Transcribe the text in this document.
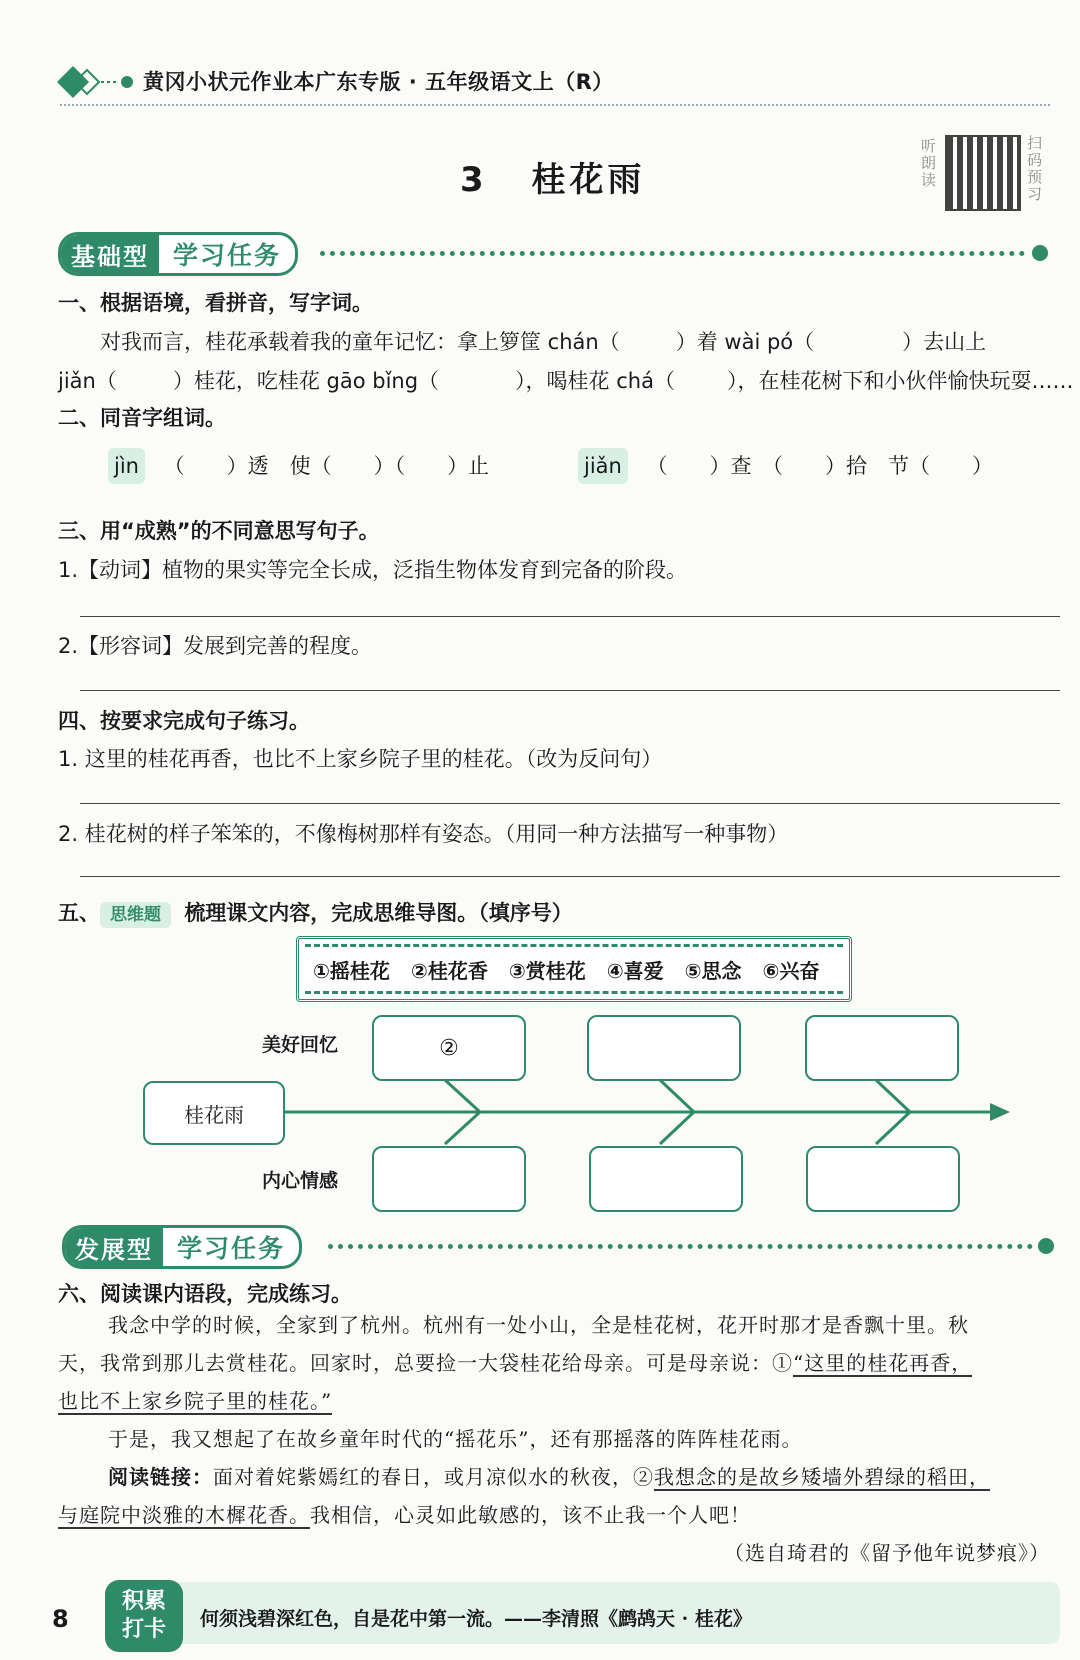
黄冈小状元作业本广东专版 · 五年级语文上（R）
3 桂花雨	听朗读	扫码预习
基础型 学习任务
一、根据语境，看拼音，写字词。
对我而言，桂花承载着我的童年记忆：拿上箩筐 chán（	）着 wài pó（	）去山上
jiǎn（	）桂花，吃桂花 gāo bǐng（	），喝桂花 chá（ ），在桂花树下和小伙伴愉快玩耍……
二、同音字组词。
jìn （　　）透　使（　　）（　　）止	jiǎn （　　）查　（　　）拾　节（　　）
三、用“成熟”的不同意思写句子。
1.【动词】植物的果实等完全长成，泛指生物体发育到完备的阶段。
2.【形容词】发展到完善的程度。
四、按要求完成句子练习。
1. 这里的桂花再香，也比不上家乡院子里的桂花。（改为反问句）
2. 桂花树的样子笨笨的，不像梅树那样有姿态。（用同一种方法描写一种事物）
五、 思维题 梳理课文内容，完成思维导图。（填序号）
①摇桂花 ②桂花香 ③赏桂花 ④喜爱 ⑤思念 ⑥兴奋
美好回忆
内心情感
桂花雨
②
发展型 学习任务
六、阅读课内语段，完成练习。
我念中学的时候，全家到了杭州。杭州有一处小山，全是桂花树，花开时那才是香飘十里。秋
天，我常到那儿去赏桂花。回家时，总要捡一大袋桂花给母亲。可是母亲说：①“这里的桂花再香，
也比不上家乡院子里的桂花。”
于是，我又想起了在故乡童年时代的“摇花乐”，还有那摇落的阵阵桂花雨。
阅读链接：面对着姹紫嫣红的春日，或月凉似水的秋夜，②我想念的是故乡矮墙外碧绿的稻田，
与庭院中淡雅的木樨花香。我相信，心灵如此敏感的，该不止我一个人吧！
（选自琦君的《留予他年说梦痕》）
8
积累
打卡 何须浅碧深红色，自是花中第一流。——李清照《鹧鸪天 · 桂花》
